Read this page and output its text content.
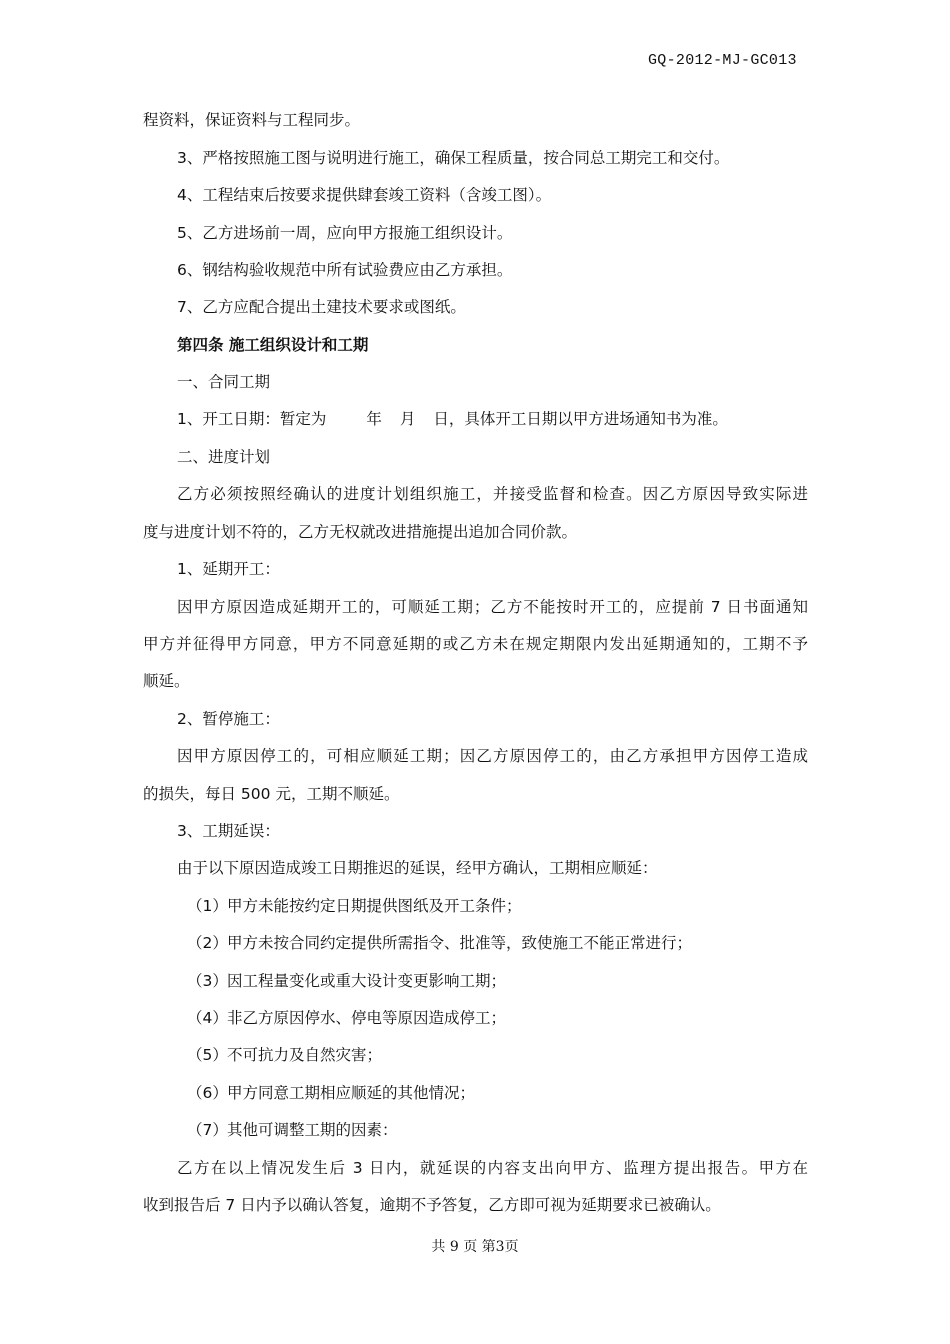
GQ-2012-MJ-GC013
程资料，保证资料与工程同步。
3、严格按照施工图与说明进行施工，确保工程质量，按合同总工期完工和交付。
4、工程结束后按要求提供肆套竣工资料（含竣工图）。
5、乙方进场前一周，应向甲方报施工组织设计。
6、钢结构验收规范中所有试验费应由乙方承担。
7、乙方应配合提出土建技术要求或图纸。
第四条 施工组织设计和工期
一、合同工期
1、开工日期：暂定为	年 月 日，具体开工日期以甲方进场通知书为准。
二、进度计划
乙方必须按照经确认的进度计划组织施工，并接受监督和检查。因乙方原因导致实际进
度与进度计划不符的，乙方无权就改进措施提出追加合同价款。
1、延期开工：
因甲方原因造成延期开工的，可顺延工期；乙方不能按时开工的，应提前 7 日书面通知
甲方并征得甲方同意，甲方不同意延期的或乙方未在规定期限内发出延期通知的，工期不予
顺延。
2、暂停施工：
因甲方原因停工的，可相应顺延工期；因乙方原因停工的，由乙方承担甲方因停工造成
的损失，每日 500 元，工期不顺延。
3、工期延误：
由于以下原因造成竣工日期推迟的延误，经甲方确认，工期相应顺延：
（1）甲方未能按约定日期提供图纸及开工条件；
（2）甲方未按合同约定提供所需指令、批准等，致使施工不能正常进行；
（3）因工程量变化或重大设计变更影响工期；
（4）非乙方原因停水、停电等原因造成停工；
（5）不可抗力及自然灾害；
（6）甲方同意工期相应顺延的其他情况；
（7）其他可调整工期的因素：
乙方在以上情况发生后 3 日内，就延误的内容支出向甲方、监理方提出报告。甲方在
收到报告后 7 日内予以确认答复，逾期不予答复，乙方即可视为延期要求已被确认。
共 9 页 第3页
